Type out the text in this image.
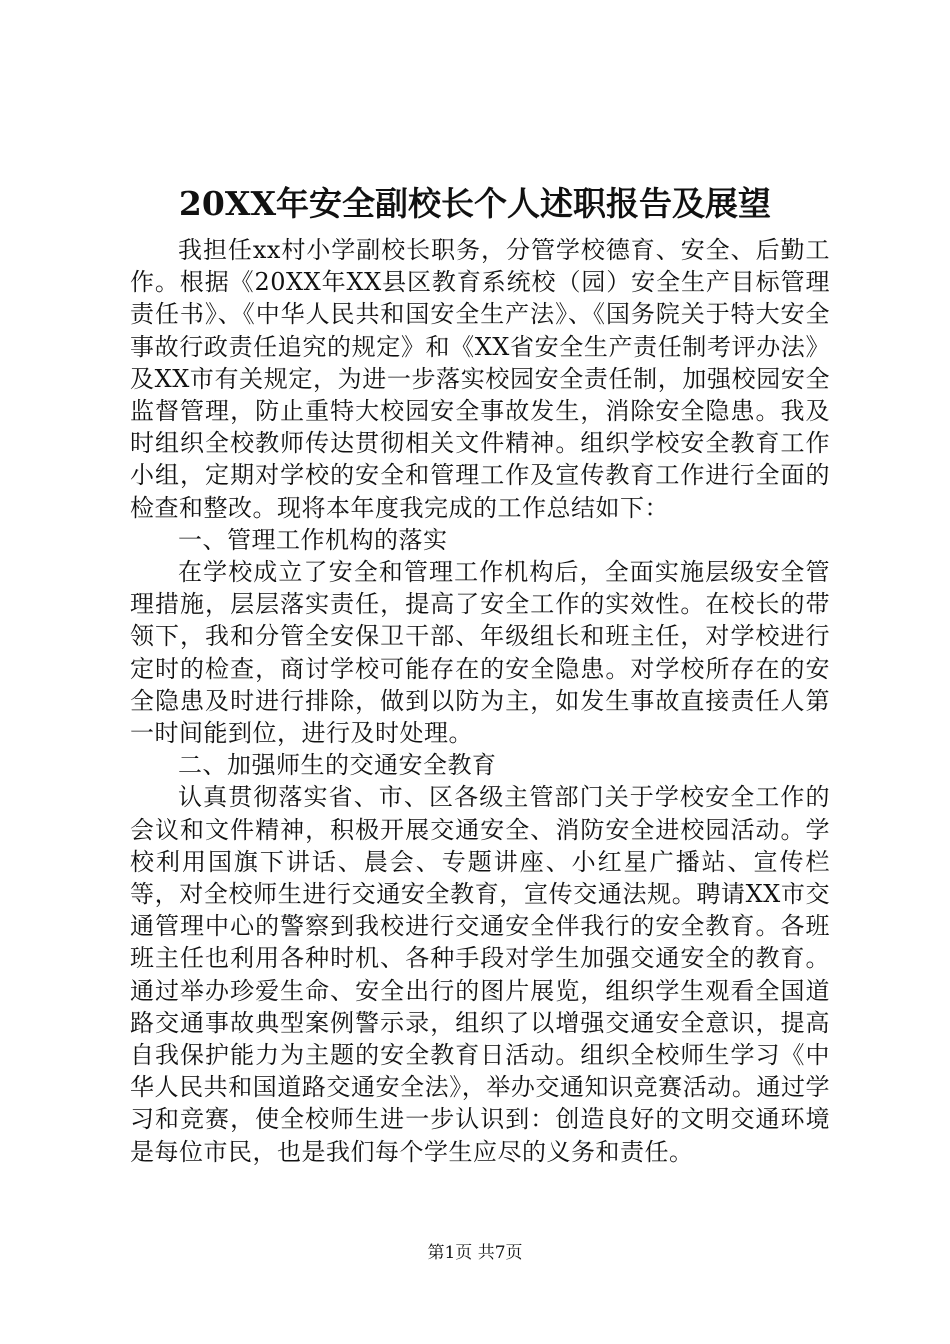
20XX年安全副校长个人述职报告及展望

我担任xx村小学副校长职务，分管学校德育、安全、后勤工作。根据《20XX年XX县区教育系统校（园）安全生产目标管理责任书》、《中华人民共和国安全生产法》、《国务院关于特大安全事故行政责任追究的规定》和《XX省安全生产责任制考评办法》及XX市有关规定，为进一步落实校园安全责任制，加强校园安全监督管理，防止重特大校园安全事故发生，消除安全隐患。我及时组织全校教师传达贯彻相关文件精神。组织学校安全教育工作小组，定期对学校的安全和管理工作及宣传教育工作进行全面的检查和整改。现将本年度我完成的工作总结如下：

一、管理工作机构的落实

在学校成立了安全和管理工作机构后，全面实施层级安全管理措施，层层落实责任，提高了安全工作的实效性。在校长的带领下，我和分管全安保卫干部、年级组长和班主任，对学校进行定时的检查，商讨学校可能存在的安全隐患。对学校所存在的安全隐患及时进行排除，做到以防为主，如发生事故直接责任人第一时间能到位，进行及时处理。

二、加强师生的交通安全教育

认真贯彻落实省、市、区各级主管部门关于学校安全工作的会议和文件精神，积极开展交通安全、消防安全进校园活动。学校利用国旗下讲话、晨会、专题讲座、小红星广播站、宣传栏等，对全校师生进行交通安全教育，宣传交通法规。聘请XX市交通管理中心的警察到我校进行交通安全伴我行的安全教育。各班班主任也利用各种时机、各种手段对学生加强交通安全的教育。通过举办珍爱生命、安全出行的图片展览，组织学生观看全国道路交通事故典型案例警示录，组织了以增强交通安全意识，提高自我保护能力为主题的安全教育日活动。组织全校师生学习《中华人民共和国道路交通安全法》，举办交通知识竞赛活动。通过学习和竞赛，使全校师生进一步认识到：创造良好的文明交通环境是每位市民，也是我们每个学生应尽的义务和责任。

第1页 共7页
